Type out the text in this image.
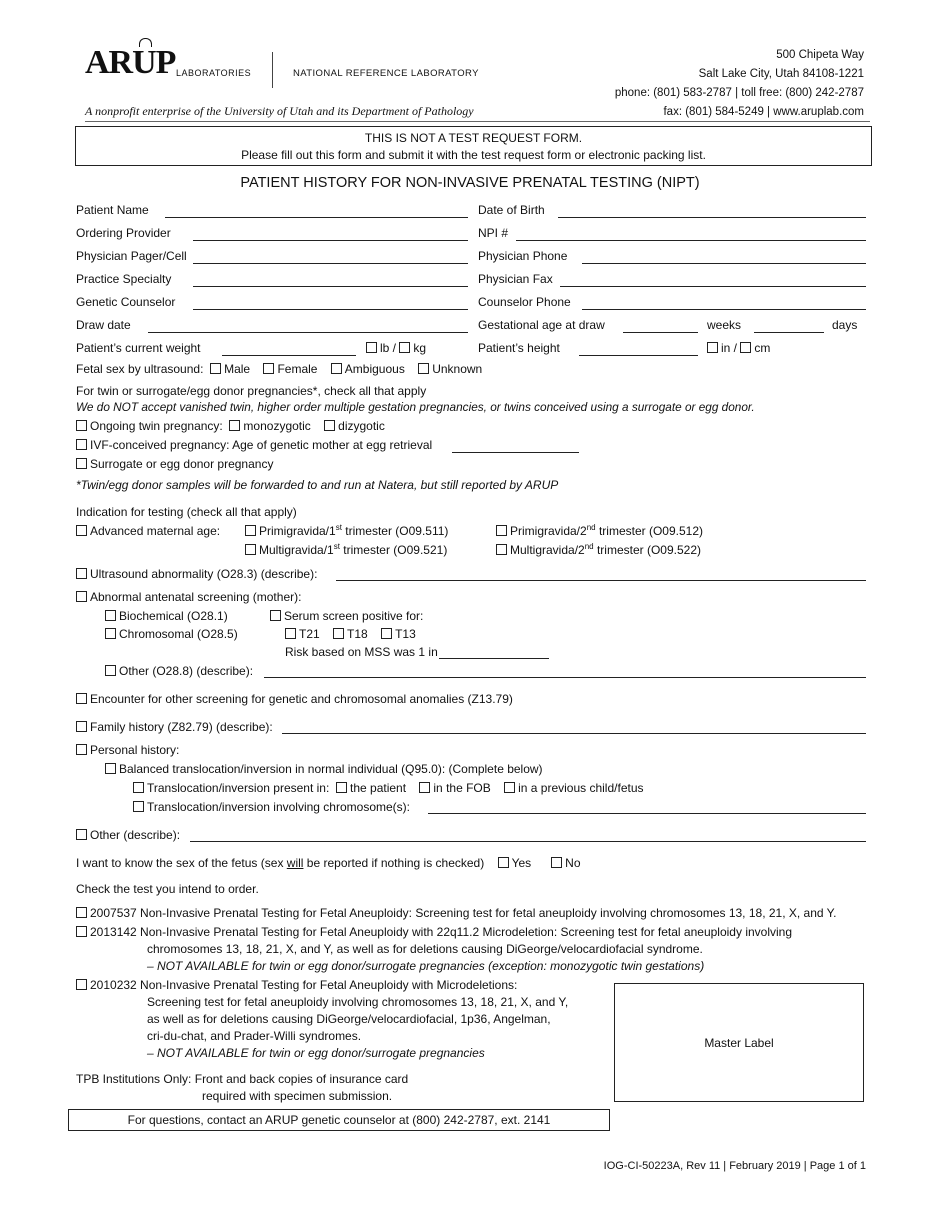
ARUP LABORATORIES	NATIONAL REFERENCE LABORATORY
A nonprofit enterprise of the University of Utah and its Department of Pathology
500 Chipeta Way
Salt Lake City, Utah 84108-1221
phone: (801) 583-2787 | toll free: (800) 242-2787
fax: (801) 584-5249 | www.aruplab.com
THIS IS NOT A TEST REQUEST FORM.
Please fill out this form and submit it with the test request form or electronic packing list.
PATIENT HISTORY FOR NON-INVASIVE PRENATAL TESTING (NIPT)
Patient Name	Date of Birth
Ordering Provider	NPI #
Physician Pager/Cell	Physician Phone
Practice Specialty	Physician Fax
Genetic Counselor	Counselor Phone
Draw date	Gestational age at draw	weeks	days
Patient’s current weight	lb / kg	Patient’s height	in / cm
Fetal sex by ultrasound: Male Female Ambiguous Unknown
For twin or surrogate/egg donor pregnancies*, check all that apply
We do NOT accept vanished twin, higher order multiple gestation pregnancies, or twins conceived using a surrogate or egg donor.
Ongoing twin pregnancy: monozygotic dizygotic
IVF-conceived pregnancy: Age of genetic mother at egg retrieval
Surrogate or egg donor pregnancy
*Twin/egg donor samples will be forwarded to and run at Natera, but still reported by ARUP
Indication for testing (check all that apply)
Advanced maternal age:	Primigravida/1st trimester (O09.511)	Primigravida/2nd trimester (O09.512)
Multigravida/1st trimester (O09.521)	Multigravida/2nd trimester (O09.522)
Ultrasound abnormality (O28.3) (describe):
Abnormal antenatal screening (mother):
Biochemical (O28.1)	Serum screen positive for:
Chromosomal (O28.5)	T21 T18 T13
Risk based on MSS was 1 in
Other (O28.8) (describe):
Encounter for other screening for genetic and chromosomal anomalies (Z13.79)
Family history (Z82.79) (describe):
Personal history:
Balanced translocation/inversion in normal individual (Q95.0): (Complete below)
Translocation/inversion present in: the patient in the FOB in a previous child/fetus
Translocation/inversion involving chromosome(s):
Other (describe):
I want to know the sex of the fetus (sex will be reported if nothing is checked) Yes	No
Check the test you intend to order.
2007537 Non-Invasive Prenatal Testing for Fetal Aneuploidy: Screening test for fetal aneuploidy involving chromosomes 13, 18, 21, X, and Y.
2013142 Non-Invasive Prenatal Testing for Fetal Aneuploidy with 22q11.2 Microdeletion: Screening test for fetal aneuploidy involving
chromosomes 13, 18, 21, X, and Y, as well as for deletions causing DiGeorge/velocardiofacial syndrome.
– NOT AVAILABLE for twin or egg donor/surrogate pregnancies (exception: monozygotic twin gestations)
2010232 Non-Invasive Prenatal Testing for Fetal Aneuploidy with Microdeletions:
Screening test for fetal aneuploidy involving chromosomes 13, 18, 21, X, and Y,
as well as for deletions causing DiGeorge/velocardiofacial, 1p36, Angelman,
cri-du-chat, and Prader-Willi syndromes.
– NOT AVAILABLE for twin or egg donor/surrogate pregnancies
Master Label
TPB Institutions Only: Front and back copies of insurance card
required with specimen submission.
For questions, contact an ARUP genetic counselor at (800) 242-2787, ext. 2141
IOG-CI-50223A, Rev 11 | February 2019 | Page 1 of 1
